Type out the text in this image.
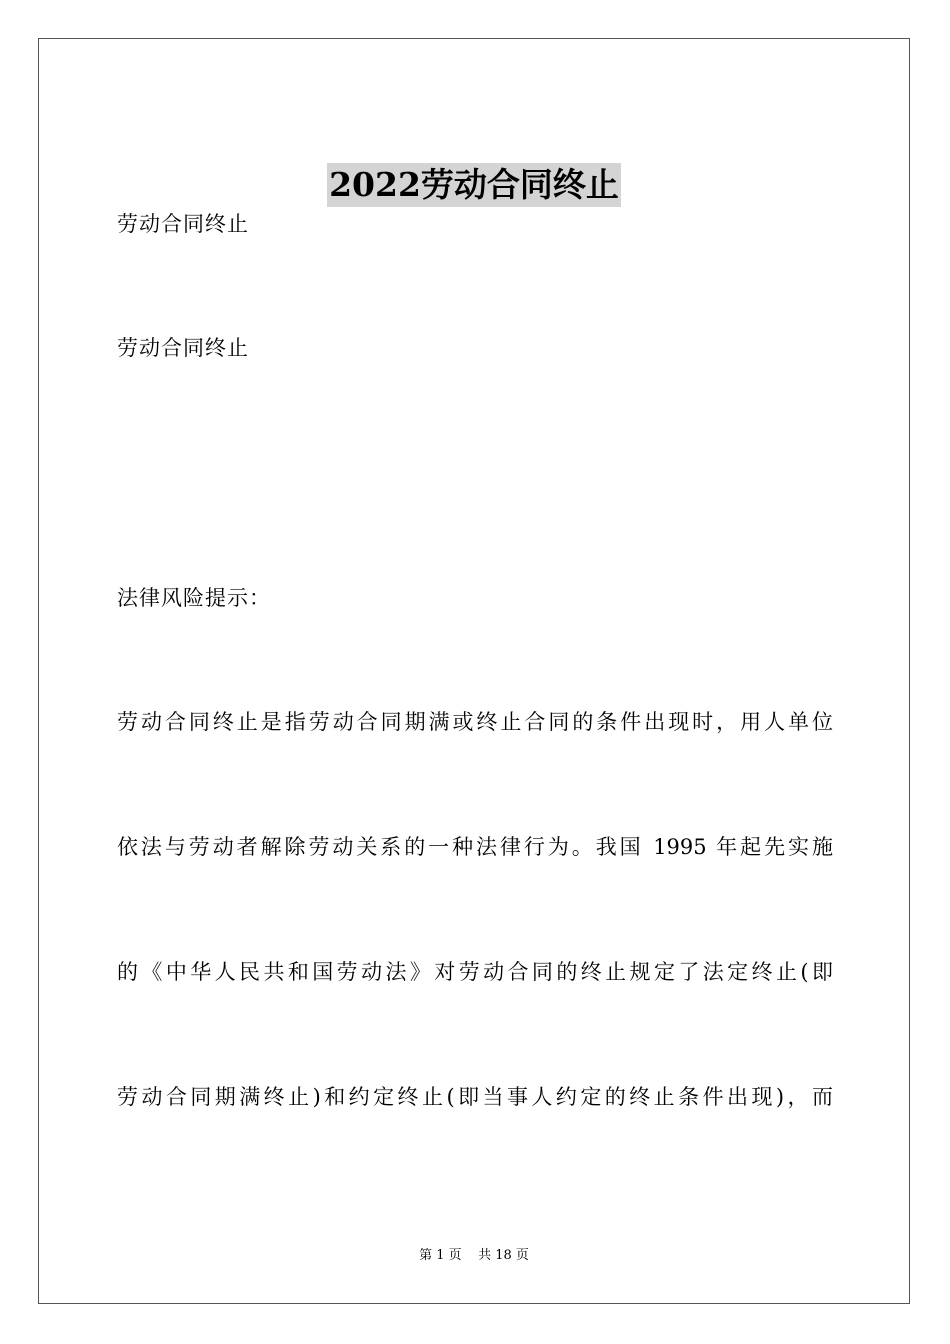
2022劳动合同终止
劳动合同终止
劳动合同终止
法律风险提示：
劳动合同终止是指劳动合同期满或终止合同的条件出现时，用人单位
依法与劳动者解除劳动关系的一种法律行为。我国 1995 年起先实施
的《中华人民共和国劳动法》对劳动合同的终止规定了法定终止(即
劳动合同期满终止)和约定终止(即当事人约定的终止条件出现)，而
第 1 页    共 18 页
